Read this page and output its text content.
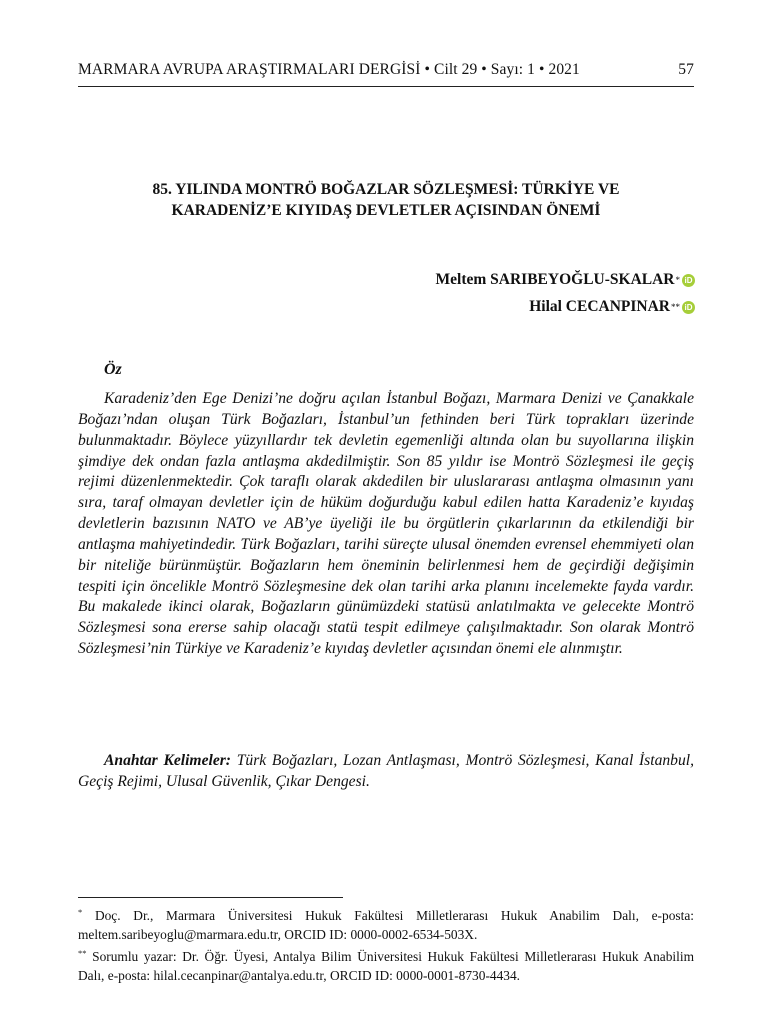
MARMARA AVRUPA ARAŞTIRMALARI DERGİSİ • Cilt 29 • Sayı: 1 • 2021	57
85. YILINDA MONTRÖ BOĞAZLAR SÖZLEŞMESİ: TÜRKİYE VE
KARADENİZ’E KIYIDAŞ DEVLETLER AÇISINDAN ÖNEMİ
Meltem SARIBEYOĞLU-SKALAR * iD
Hilal CECANPINAR ** iD
Öz

Karadeniz’den Ege Denizi’ne doğru açılan İstanbul Boğazı, Marmara Denizi ve Çanakkale Boğazı’ndan oluşan Türk Boğazları, İstanbul’un fethinden beri Türk toprakları üzerinde bulunmaktadır. Böylece yüzyıllardır tek devletin egemenliği altında olan bu suyollarına ilişkin şimdiye dek ondan fazla antlaşma akdedilmiştir. Son 85 yıldır ise Montrö Sözleşmesi ile geçiş rejimi düzenlenmektedir. Çok taraflı olarak akdedilen bir uluslararası antlaşma olmasının yanı sıra, taraf olmayan devletler için de hüküm doğurduğu kabul edilen hatta Karadeniz’e kıyıdaş devletlerin bazısının NATO ve AB’ye üyeliği ile bu örgütlerin çıkarlarının da etkilendiği bir antlaşma mahiyetindedir. Türk Boğazları, tarihi süreçte ulusal önemden evrensel ehemmiyeti olan bir niteliğe bürünmüştür. Boğazların hem öneminin belirlenmesi hem de geçirdiği değişimin tespiti için öncelikle Montrö Sözleşmesine dek olan tarihi arka planını incelemekte fayda vardır. Bu makalede ikinci olarak, Boğazların günümüzdeki statüsü anlatılmakta ve gelecekte Montrö Sözleşmesi sona ererse sahip olacağı statü tespit edilmeye çalışılmaktadır. Son olarak Montrö Sözleşmesi’nin Türkiye ve Karadeniz’e kıyıdaş devletler açısından önemi ele alınmıştır.

Anahtar Kelimeler: Türk Boğazları, Lozan Antlaşması, Montrö Sözleşmesi, Kanal İstanbul, Geçiş Rejimi, Ulusal Güvenlik, Çıkar Dengesi.

* Doç. Dr., Marmara Üniversitesi Hukuk Fakültesi Milletlerarası Hukuk Anabilim Dalı, e-posta: meltem.saribeyoglu@marmara.edu.tr, ORCID ID: 0000-0002-6534-503X.

** Sorumlu yazar: Dr. Öğr. Üyesi, Antalya Bilim Üniversitesi Hukuk Fakültesi Milletlerarası Hukuk Anabilim Dalı, e-posta: hilal.cecanpinar@antalya.edu.tr, ORCID ID: 0000-0001-8730-4434.
